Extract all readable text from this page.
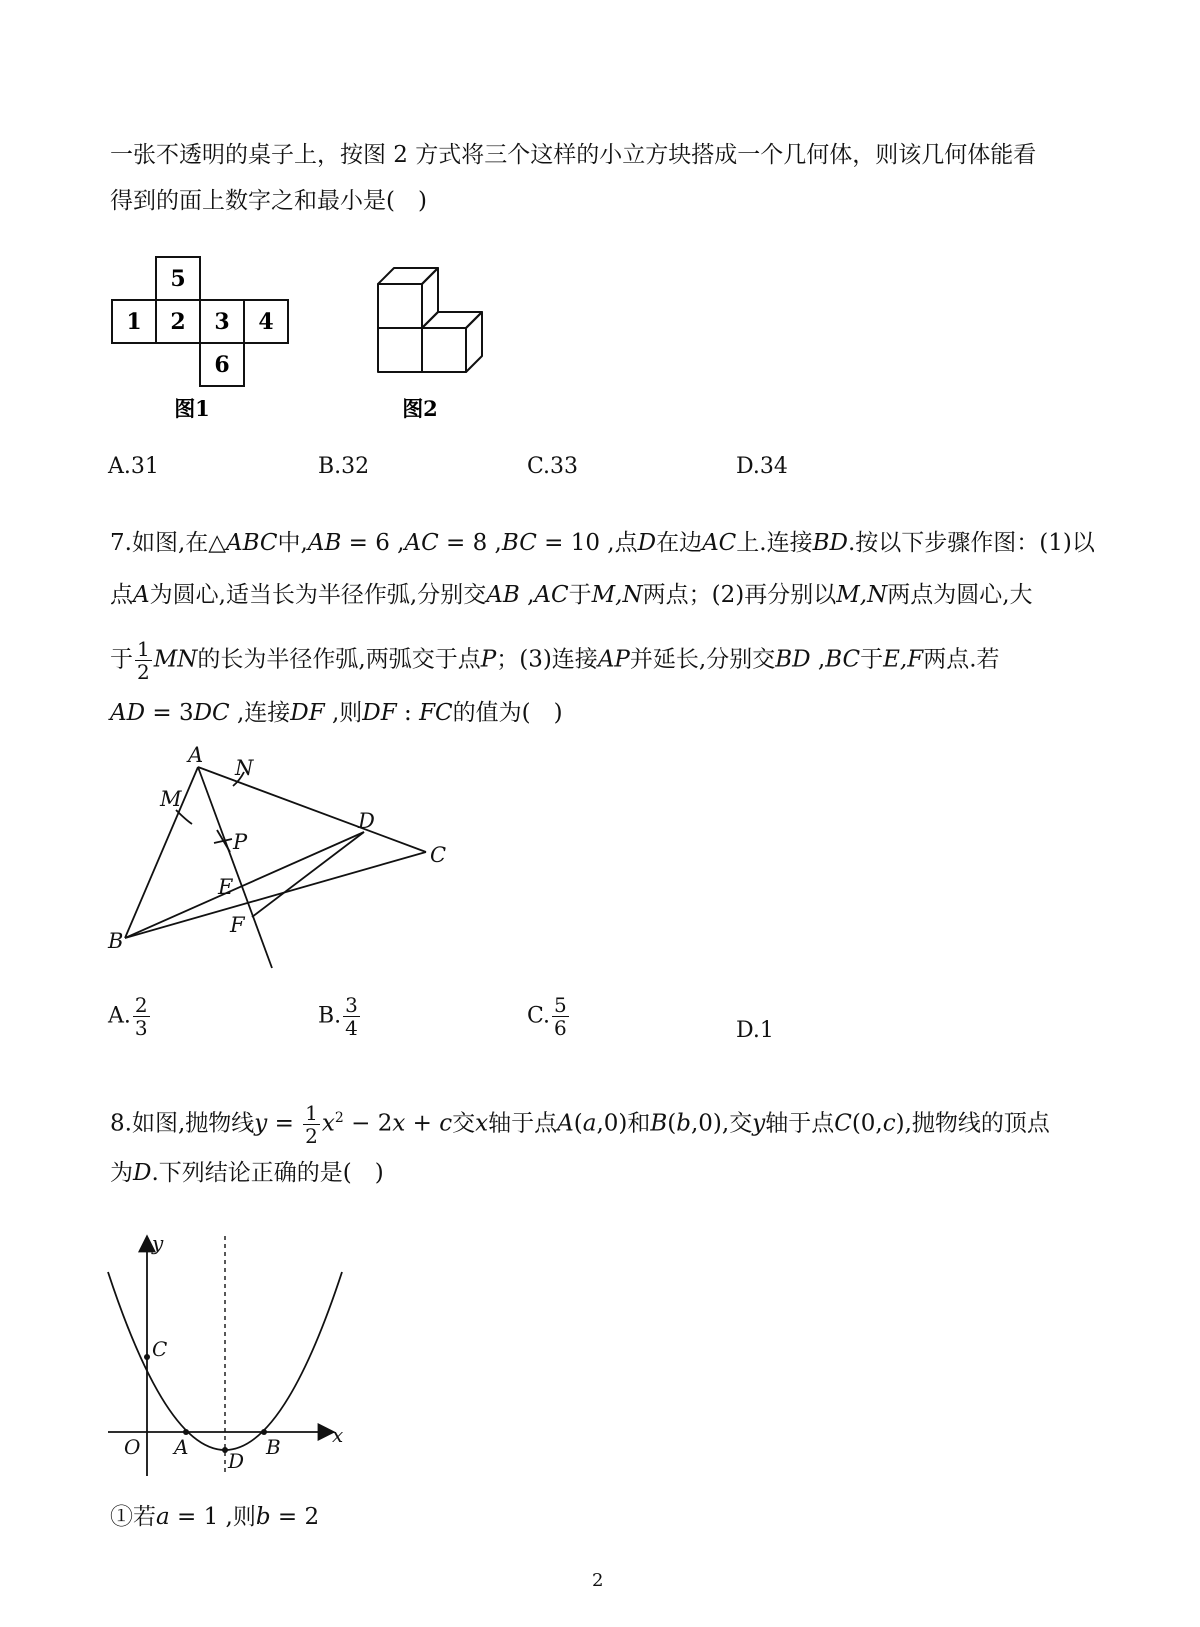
一张不透明的桌子上，按图 2 方式将三个这样的小立方块搭成一个几何体，则该几何体能看
得到的面上数字之和最小是(　)
5
1 2 3 4
6
图1	图2
A.31	B.32	C.33	D.34
7.如图,在△ABC中,AB = 6 ,AC = 8 ,BC = 10 ,点D在边AC上.连接BD.按以下步骤作图：(1)以
点A为圆心,适当长为半径作弧,分别交AB ,AC于M,N两点；(2)再分别以M,N两点为圆心,大
于 $\frac{1}{2}$ MN的长为半径作弧,两弧交于点P；(3)连接AP并延长,分别交BD ,BC于E,F两点.若
AD = 3DC ,连接DF ,则DF : FC的值为(　)
A
M
N
P
D
C
E
F
B
A. $\frac{2}{3}$	B. $\frac{3}{4}$	C. $\frac{5}{6}$	D.1
8.如图,抛物线$y = \frac{1}{2} x^2 - 2x + c$交x轴于点A(a,0)和B(b,0),交y轴于点C(0,c),抛物线的顶点
为D.下列结论正确的是(　)
y
C
O A
D
B	x
①若a = 1 ,则b = 2
2
